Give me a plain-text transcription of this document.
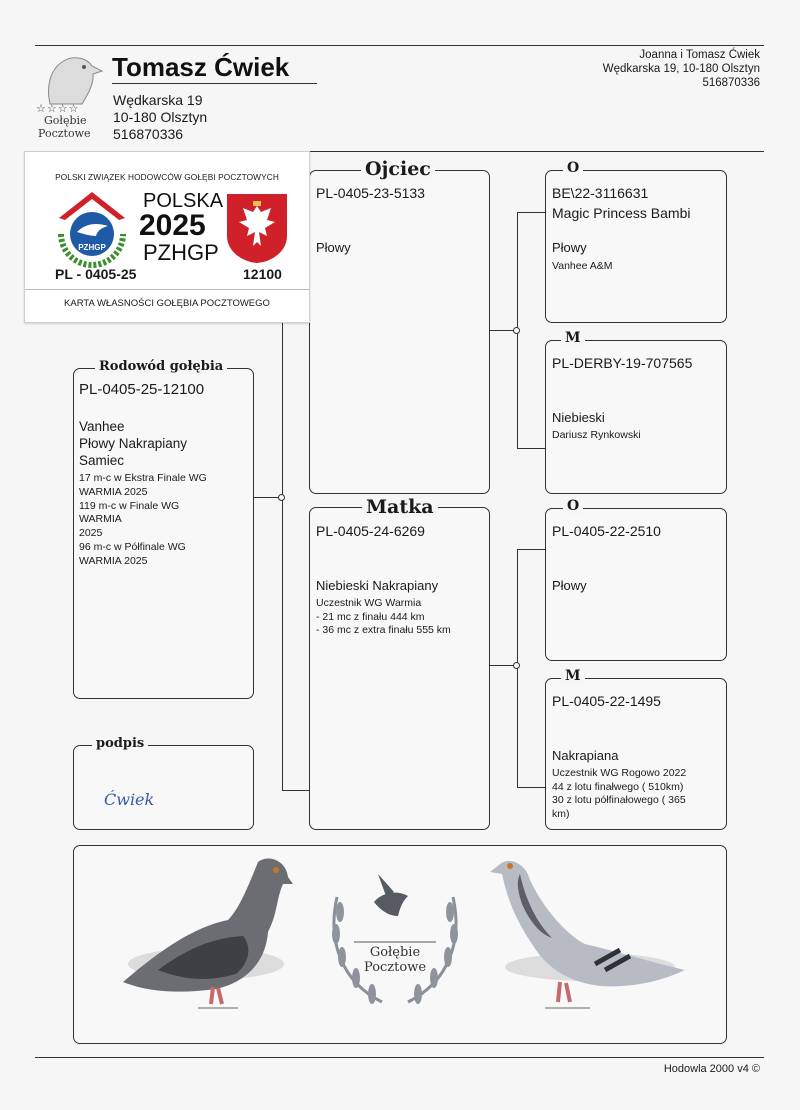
☆☆☆☆
Gołębie
Pocztowe
Tomasz Ćwiek
Wędkarska 19
10-180 Olsztyn
516870336
Joanna i Tomasz Ćwiek
Wędkarska 19, 10-180 Olsztyn
516870336
Ojciec
PL-0405-23-5133
Płowy
Matka
PL-0405-24-6269
Niebieski Nakrapiany
Uczestnik WG Warmia
- 21 mc z finału 444 km
- 36 mc z extra finału 555 km
O
BE\22-3116631
Magic Princess Bambi
Płowy
Vanhee A&M
M
PL-DERBY-19-707565
Niebieski
Dariusz Rynkowski
O
PL-0405-22-2510
Płowy
M
PL-0405-22-1495
Nakrapiana
Uczestnik WG Rogowo 2022
44 z lotu finałwego ( 510km)
30 z lotu półfinałowego ( 365
km)
Rodowód gołębia
PL-0405-25-12100
Vanhee
Płowy Nakrapiany
Samiec
17 m-c w Ekstra Finale WG
WARMIA 2025
119 m-c w Finale WG
WARMIA
2025
96 m-c w Półfinale WG
WARMIA 2025
podpis
Ćwiek
POLSKI ZWIĄZEK HODOWCÓW GOŁĘBI POCZTOWYCH
PZHGP
POLSKA
2025
PZHGP
PL - 0405-25	12100
KARTA WŁASNOŚCI GOŁĘBIA POCZTOWEGO
Gołębie
Pocztowe
Hodowla 2000 v4 ©
